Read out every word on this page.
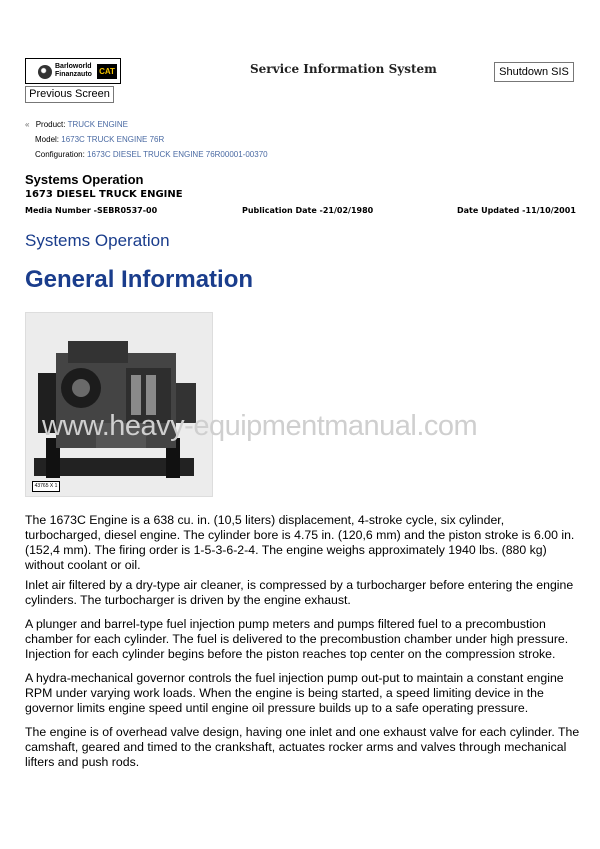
Barloworld
Finanzauto CAT	Service Information System	Shutdown SIS
Previous Screen
« Product: TRUCK ENGINE
Model: 1673C TRUCK ENGINE 76R
Configuration: 1673C DIESEL TRUCK ENGINE 76R00001-00370
Systems Operation
1673 DIESEL TRUCK ENGINE
Media Number -SEBR0537-00	Publication Date -21/02/1980	Date Updated -11/10/2001
Systems Operation
General Information
43765 X 1
www.heavy-equipmentmanual.com

The 1673C Engine is a 638 cu. in. (10,5 liters) displacement, 4-stroke cycle, six cylinder, turbocharged, diesel engine. The cylinder bore is 4.75 in. (120,6 mm) and the piston stroke is 6.00 in. (152,4 mm). The firing order is 1-5-3-6-2-4. The engine weighs approximately 1940 lbs. (880 kg) without coolant or oil.

Inlet air filtered by a dry-type air cleaner, is compressed by a turbocharger before entering the engine cylinders. The turbocharger is driven by the engine exhaust.

A plunger and barrel-type fuel injection pump meters and pumps filtered fuel to a precombustion chamber for each cylinder. The fuel is delivered to the precombustion chamber under high pressure. Injection for each cylinder begins before the piston reaches top center on the compression stroke.

A hydra-mechanical governor controls the fuel injection pump out-put to maintain a constant engine RPM under varying work loads. When the engine is being started, a speed limiting device in the governor limits engine speed until engine oil pressure builds up to a safe operating pressure.

The engine is of overhead valve design, having one inlet and one exhaust valve for each cylinder. The camshaft, geared and timed to the crankshaft, actuates rocker arms and valves through mechanical lifters and push rods.
